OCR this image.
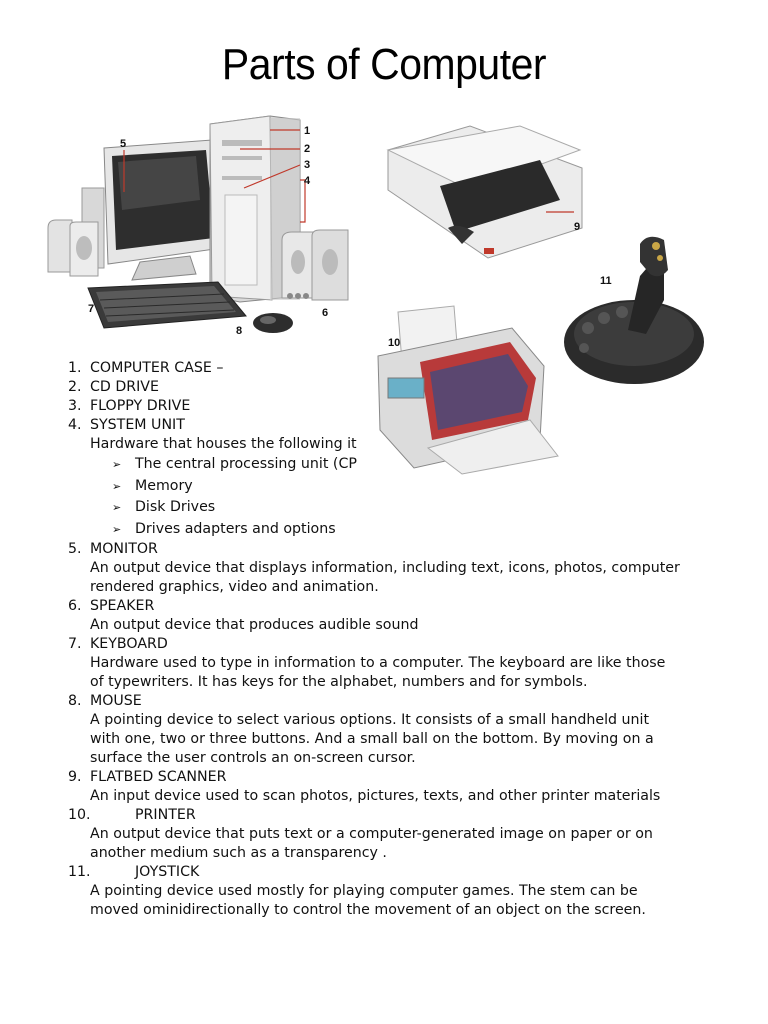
Parts of Computer
1
2
3
4
5
6
7
8
9
10
11
1. COMPUTER CASE –
2. CD DRIVE
3. FLOPPY DRIVE
4. SYSTEM UNIT
Hardware that houses the following it
➢ The central processing unit (CP
➢ Memory
➢ Disk Drives
➢ Drives adapters and options
5. MONITOR
An output device that displays information, including text, icons, photos, computer
rendered graphics, video and animation.
6. SPEAKER
An output device that produces audible sound
7. KEYBOARD
Hardware used to type in information to a computer. The keyboard are like those
of typewriters. It has keys for the alphabet, numbers and for symbols.
8. MOUSE
A pointing device to select various options. It consists of a small handheld unit
with one, two or three buttons. And a small ball on the bottom. By moving on a
surface the user controls an on-screen cursor.
9. FLATBED SCANNER
An input device used to scan photos, pictures, texts, and other printer materials
10.	PRINTER
An output device that puts text or a computer-generated image on paper or on
another medium such as a transparency .
11.	JOYSTICK
A pointing device used mostly for playing computer games. The stem can be
moved ominidirectionally to control the movement of an object on the screen.
